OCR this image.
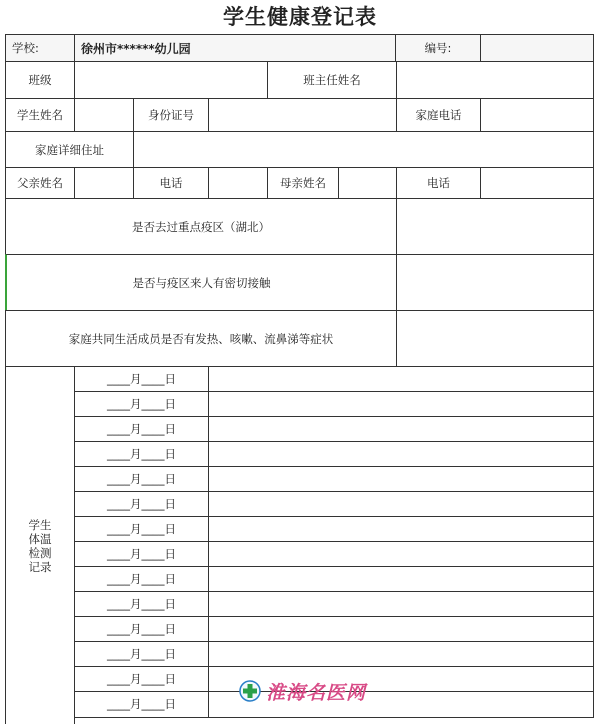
学生健康登记表
学校:	徐州市******幼儿园	编号:
班级	班主任姓名
学生姓名	身份证号	家庭电话
家庭详细住址
父亲姓名	电话	母亲姓名	电话
是否去过重点疫区（湖北）
是否与疫区来人有密切接触
家庭共同生活成员是否有发热、咳嗽、流鼻涕等症状
学生体温检测记录
____月____日
____月____日
____月____日
____月____日
____月____日
____月____日
____月____日
____月____日
____月____日
____月____日
____月____日
____月____日
____月____日
____月____日
淮海名医网
